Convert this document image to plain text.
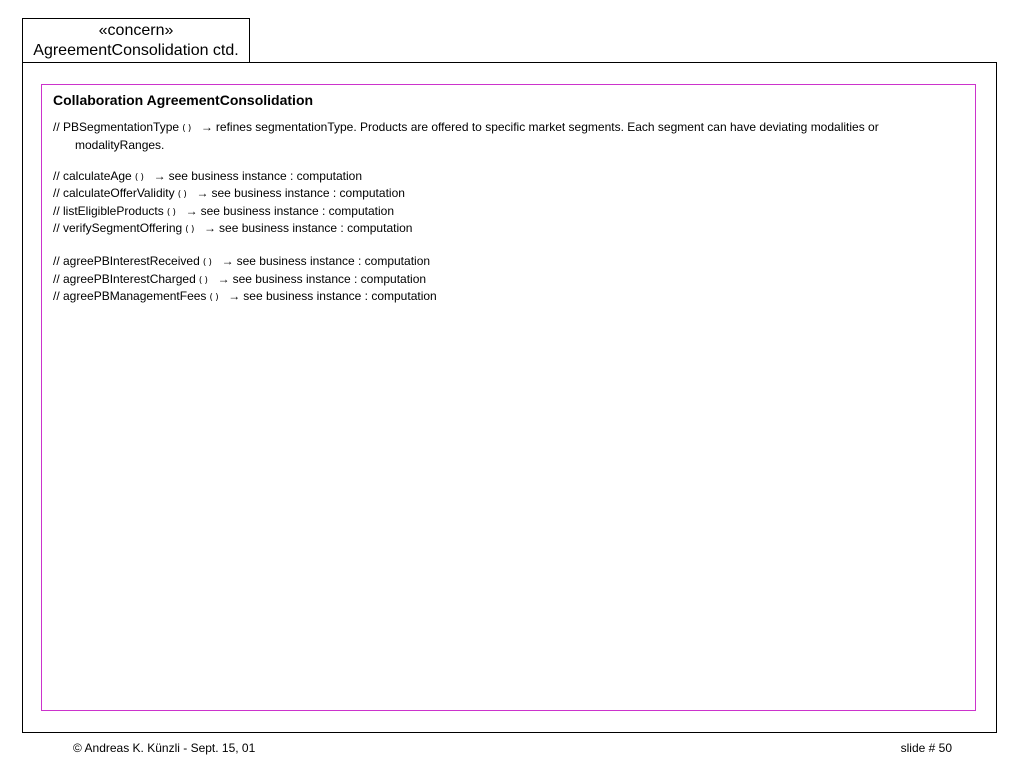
«concern»
AgreementConsolidation ctd.
Collaboration AgreementConsolidation

// PBSegmentationType () → refines segmentationType. Products are offered to specific market segments. Each segment can have deviating modalities or modalityRanges.

// calculateAge () → see business instance : computation

// calculateOfferValidity () → see business instance : computation

// listEligibleProducts () → see business instance : computation

// verifySegmentOffering () → see business instance : computation

// agreePBInterestReceived () → see business instance : computation

// agreePBInterestCharged () → see business instance : computation

// agreePBManagementFees () → see business instance : computation

© Andreas K. Künzli - Sept. 15, 01	slide # 50
